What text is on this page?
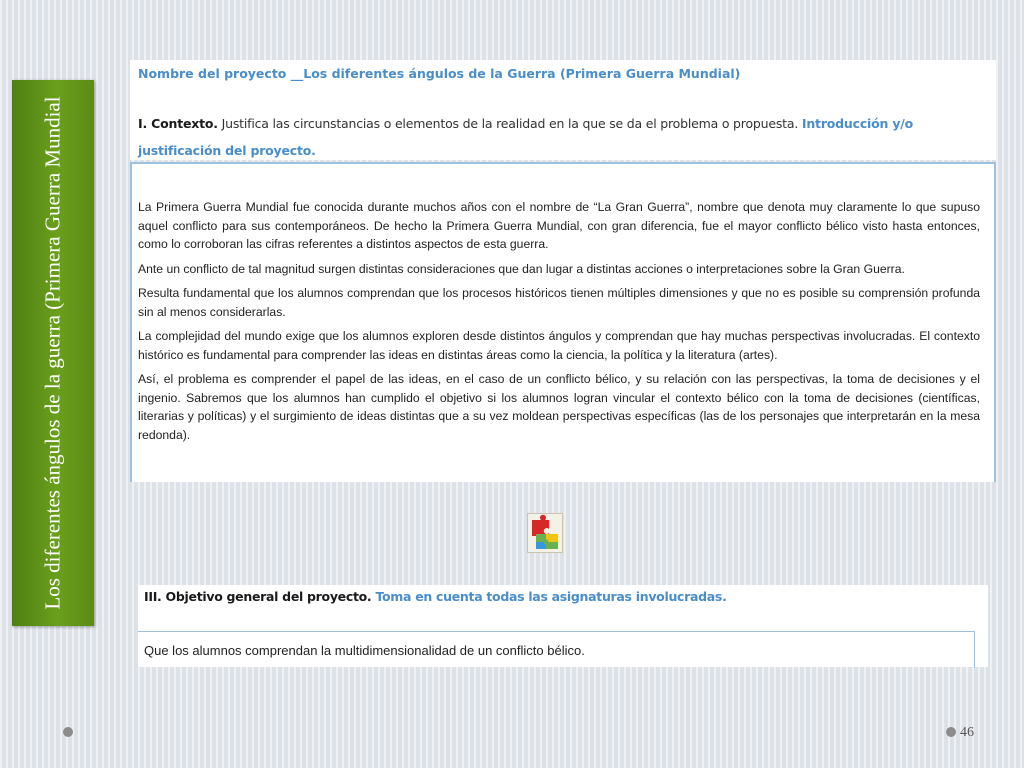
Los diferentes ángulos de la guerra (Primera Guerra Mundial
Nombre del proyecto __Los diferentes ángulos de la Guerra (Primera Guerra Mundial)
I. Contexto. Justifica las circunstancias o elementos de la realidad en la que se da el problema o propuesta. Introducción y/o justificación del proyecto.

La Primera Guerra Mundial fue conocida durante muchos años con el nombre de “La Gran Guerra”, nombre que denota muy claramente lo que supuso aquel conflicto para sus contemporáneos. De hecho la Primera Guerra Mundial, con gran diferencia, fue el mayor conflicto bélico visto hasta entonces, como lo corroboran las cifras referentes a distintos aspectos de esta guerra.

Ante un conflicto de tal magnitud surgen distintas consideraciones que dan lugar a distintas acciones o interpretaciones sobre la Gran Guerra.

Resulta fundamental que los alumnos comprendan que los procesos históricos tienen múltiples dimensiones y que no es posible su comprensión profunda sin al menos considerarlas.

La complejidad del mundo exige que los alumnos exploren desde distintos ángulos y comprendan que hay muchas perspectivas involucradas. El contexto histórico es fundamental para comprender las ideas en distintas áreas como la ciencia, la política y la literatura (artes).

Así, el problema es comprender el papel de las ideas, en el caso de un conflicto bélico, y su relación con las perspectivas, la toma de decisiones y el ingenio. Sabremos que los alumnos han cumplido el objetivo si los alumnos logran vincular el contexto bélico con la toma de decisiones (científicas, literarias y políticas) y el surgimiento de ideas distintas que a su vez moldean perspectivas específicas (las de los personajes que interpretarán en la mesa redonda).

III. Objetivo general del proyecto. Toma en cuenta todas las asignaturas involucradas.
Que los alumnos comprendan la multidimensionalidad de un conflicto bélico.
46
